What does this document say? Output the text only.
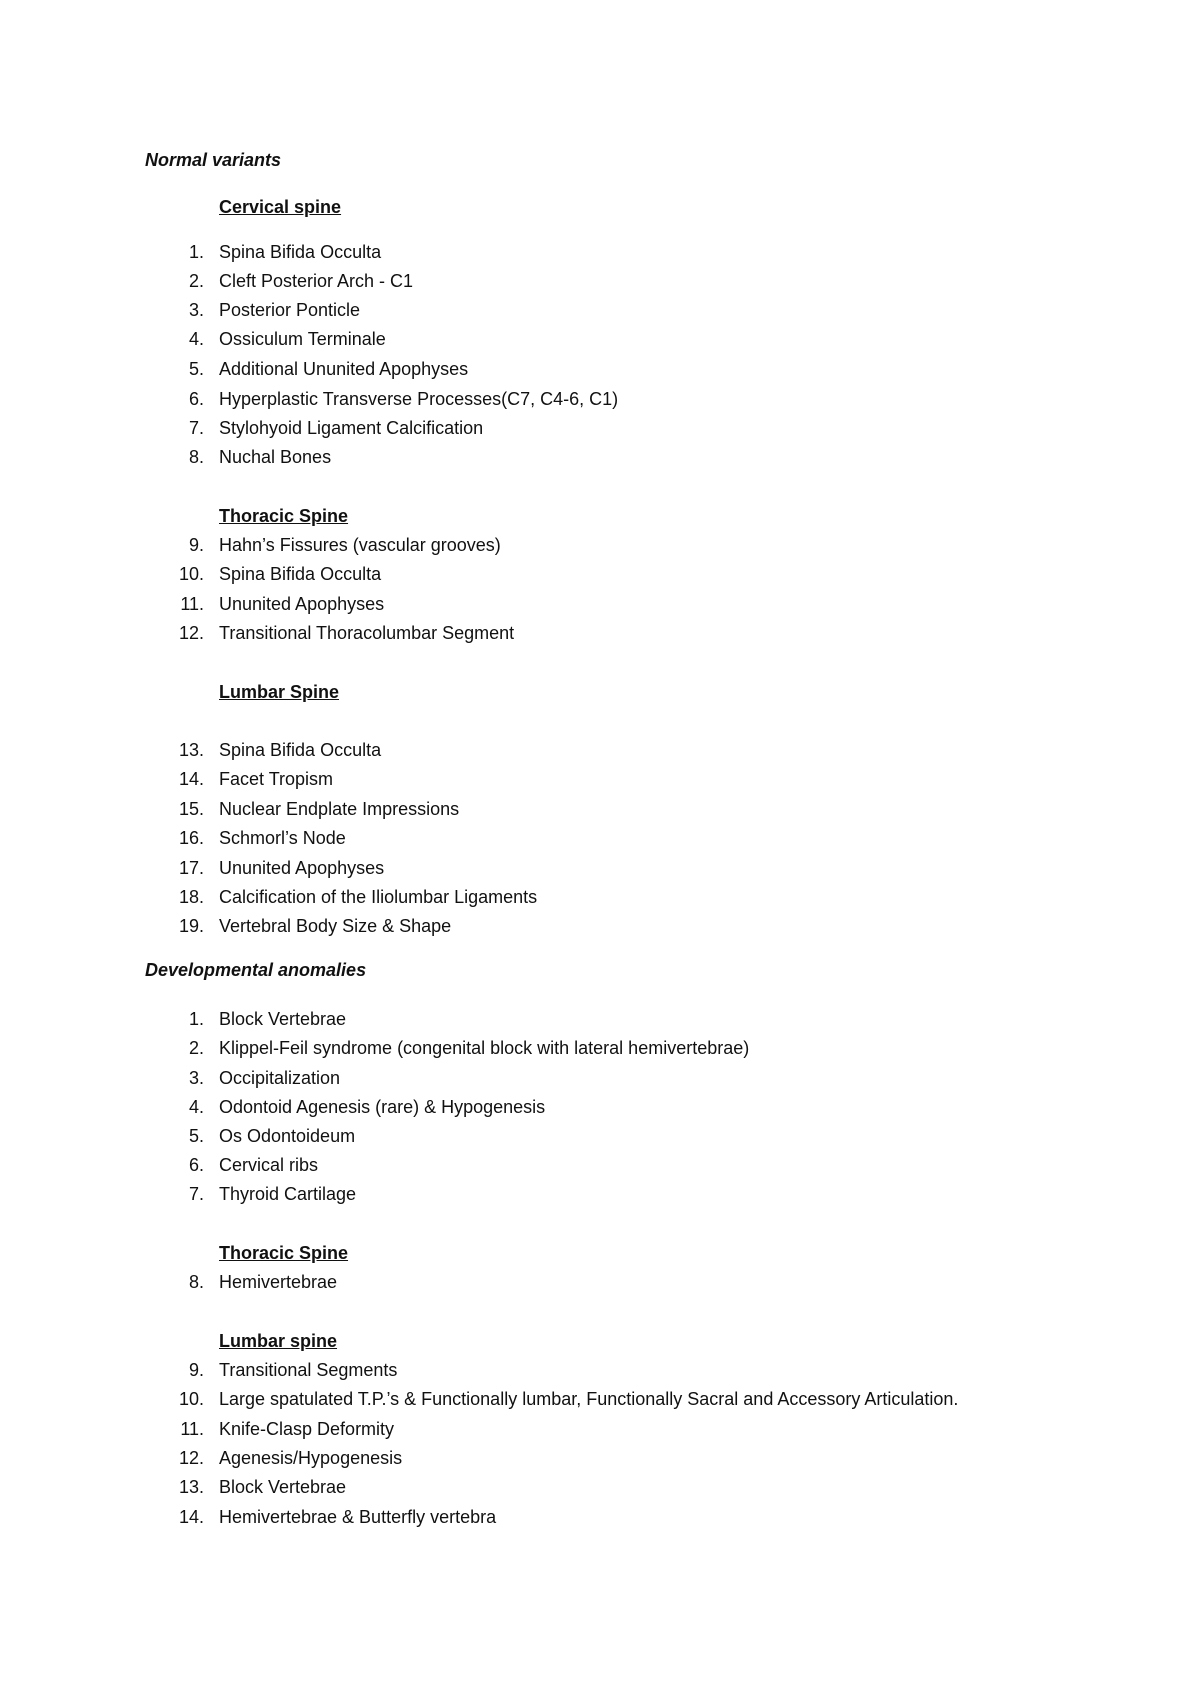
Normal variants
Cervical spine
1. Spina Bifida Occulta
2. Cleft Posterior Arch - C1
3. Posterior Ponticle
4. Ossiculum Terminale
5. Additional Ununited Apophyses
6. Hyperplastic Transverse Processes(C7, C4-6, C1)
7. Stylohyoid Ligament Calcification
8. Nuchal Bones
Thoracic Spine
9. Hahn’s Fissures (vascular grooves)
10. Spina Bifida Occulta
11. Ununited Apophyses
12. Transitional Thoracolumbar Segment
Lumbar Spine
13. Spina Bifida Occulta
14. Facet Tropism
15. Nuclear Endplate Impressions
16. Schmorl’s Node
17. Ununited Apophyses
18. Calcification of the Iliolumbar Ligaments
19. Vertebral Body Size & Shape
Developmental anomalies
1. Block Vertebrae
2. Klippel-Feil syndrome (congenital block with lateral hemivertebrae)
3. Occipitalization
4. Odontoid Agenesis (rare) & Hypogenesis
5. Os Odontoideum
6. Cervical ribs
7. Thyroid Cartilage
Thoracic Spine
8. Hemivertebrae
Lumbar spine
9. Transitional Segments
10. Large spatulated T.P.’s & Functionally lumbar, Functionally Sacral and Accessory Articulation.
11. Knife-Clasp Deformity
12. Agenesis/Hypogenesis
13. Block Vertebrae
14. Hemivertebrae & Butterfly vertebra
